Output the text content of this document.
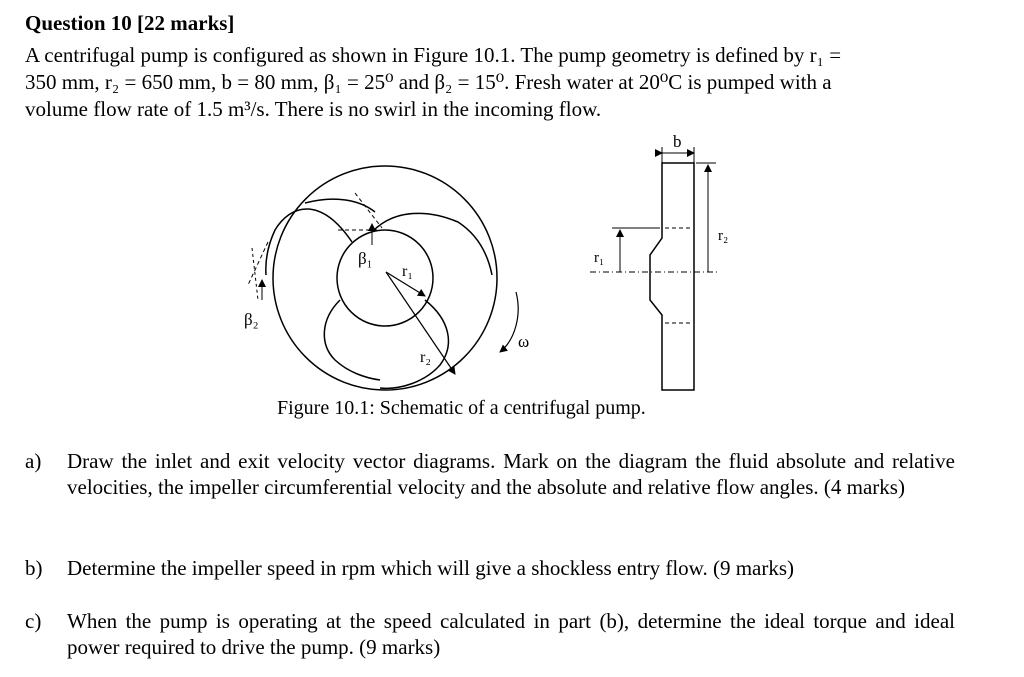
Question 10 [22 marks]
A centrifugal pump is configured as shown in Figure 10.1. The pump geometry is defined by r₁ =
350 mm, r₂ = 650 mm, b = 80 mm, β₁ = 25⁰ and β₂ = 15⁰. Fresh water at 20⁰C is pumped with a
volume flow rate of 1.5 m³/s. There is no swirl in the incoming flow.
β₁
β₂
r₁
r₂
ω
b
r₁
r₂
Figure 10.1: Schematic of a centrifugal pump.
a)	Draw the inlet and exit velocity vector diagrams. Mark on the diagram the fluid absolute and relative velocities, the impeller circumferential velocity and the absolute and relative flow angles. (4 marks)
b)	Determine the impeller speed in rpm which will give a shockless entry flow. (9 marks)
c)	When the pump is operating at the speed calculated in part (b), determine the ideal torque and ideal power required to drive the pump. (9 marks)
